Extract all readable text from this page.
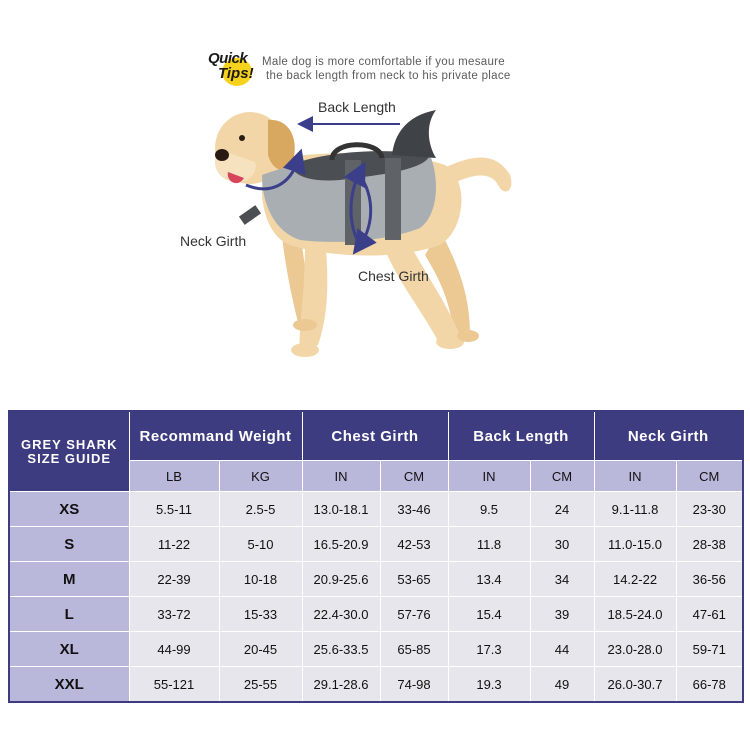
Quick
Tips!
Male dog is more comfortable if you mesaure
the back length from neck to his private place
Back Length
Neck Girth
Chest Girth
GREY SHARK
SIZE GUIDE	Recommand Weight		Chest Girth		Back Length		Neck Girth	
	LB	KG	IN	CM	IN	CM	IN	CM
XS	5.5-11	2.5-5	13.0-18.1	33-46	9.5	24	9.1-11.8	23-30
S	11-22	5-10	16.5-20.9	42-53	11.8	30	11.0-15.0	28-38
M	22-39	10-18	20.9-25.6	53-65	13.4	34	14.2-22	36-56
L	33-72	15-33	22.4-30.0	57-76	15.4	39	18.5-24.0	47-61
XL	44-99	20-45	25.6-33.5	65-85	17.3	44	23.0-28.0	59-71
XXL	55-121	25-55	29.1-28.6	74-98	19.3	49	26.0-30.7	66-78
